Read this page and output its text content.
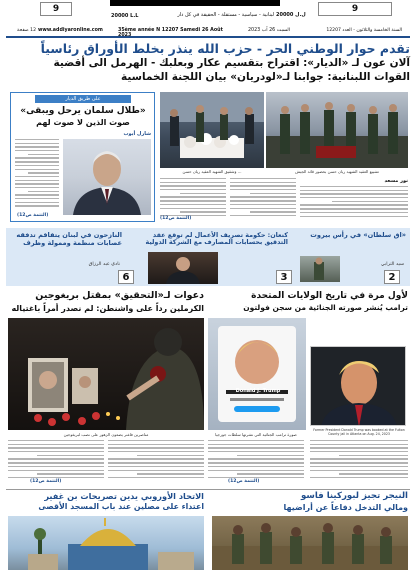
9	9
20000 L.L	لبنانية - سياسية - مستقلة - الحقيقة في كل دار 20000 ل.ل
www.addiyaronline.com	35ème année N 12207 Samedi 26 Août	السبت 26 آب 2023	السنة الخامسة والثلاثون - العدد 12207
12 صفحة
تقدم حوار الوطني الحر - حزب الله ينذر بخلط الأوراق رئاسياً
آلان عون لـ «الديار»: اقتراح بتقسيم عكار وبعلبك - الهرمل الى أقضية
القوات اللبنانية: جوابنا لـ«لودريان» بيان اللجنة الخماسية
على طريق الديار
«طلال سلمان يرحل ويبقى»
صوت الذين لا صوت لهم
شارل أيوب
(التتمة ص12)
... وشقيق الشهيد العقيد ريان حسن	تشييع العقيد الشهيد ريان حسن بحضور قائد الجيش
نور مسعد
(التتمة ص12)
النازحون في لبنان يتفاقم تدفقه عصابات منظمة وممولة وظرف
نادي عبد الرزاق
6
كنعان: حكومة تصريف الأعمال لم توقع عقد التدقيق بحسابات المصارف مع الشركة الدولية
3
«اق سلطان» في رأس بيروت
سيد الترابي
2
دعوات لـ«التحقيق» بمقتل بريغوجين
الكرملين رداً على واشنطن: لم نصدر أمراً باغتياله
لأول مرة في تاريخ الولايات المتحدة
ترامب يُنشر صورته الجنائية من سجن فولتون
Donald J. Trump
Former President Donald Trump was booked at the Fulton County jail in Atlanta on Aug. 24, 2023
مناصرين فاغنر يضعون الزهور على نصب لبريغوجين	صورة ترامب الجنائية التي نشرتها سلطات جورجيا
(التتمة ص12)	(التتمة ص12)
الاتحاد الأوروبي يدين تصريحات بن غفير
اعتداء على مصلين عند باب المسجد الأقصى
النيجر تجيز لبوركينا فاسو
ومالي التدخل دفاعاً عن أراضيها
